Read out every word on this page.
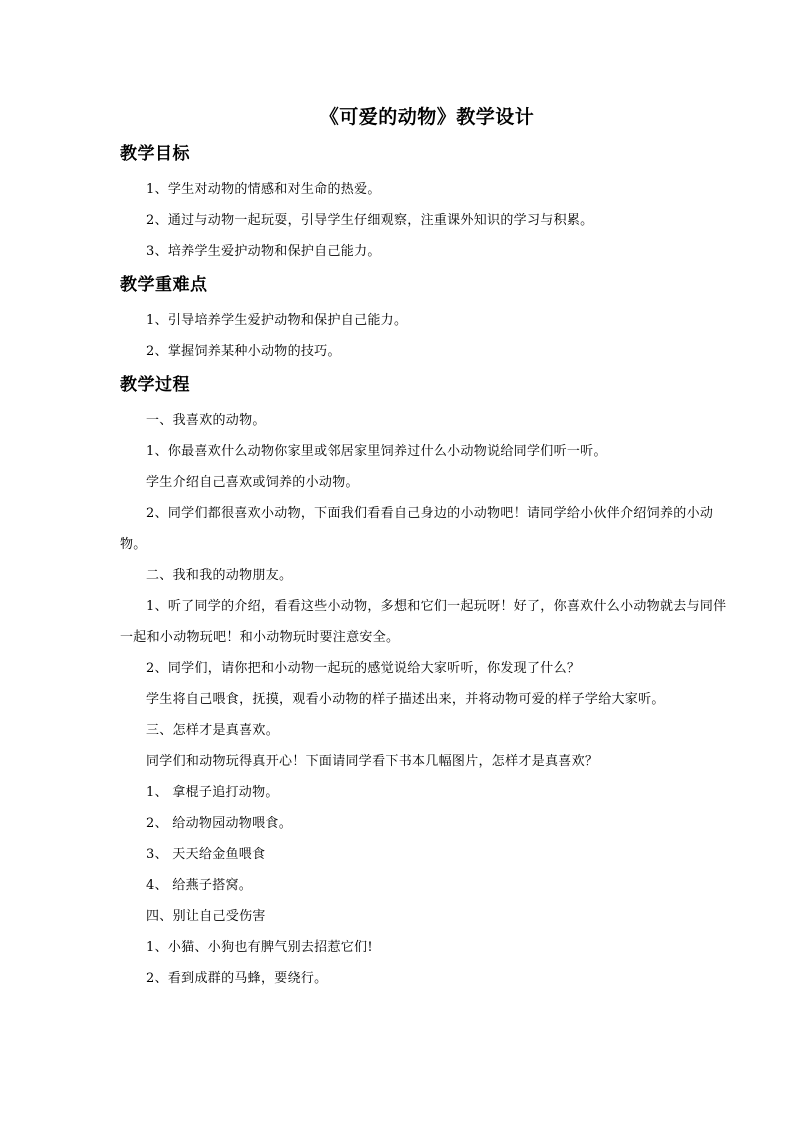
《可爱的动物》教学设计
教学目标

1、学生对动物的情感和对生命的热爱。

2、通过与动物一起玩耍，引导学生仔细观察，注重课外知识的学习与积累。

3、培养学生爱护动物和保护自己能力。

教学重难点

1、引导培养学生爱护动物和保护自己能力。

2、掌握饲养某种小动物的技巧。

教学过程

一、我喜欢的动物。

1、你最喜欢什么动物你家里或邻居家里饲养过什么小动物说给同学们听一听。

学生介绍自己喜欢或饲养的小动物。

2、同学们都很喜欢小动物，下面我们看看自己身边的小动物吧！请同学给小伙伴介绍饲养的小动物。

二、我和我的动物朋友。

1、听了同学的介绍，看看这些小动物，多想和它们一起玩呀！好了，你喜欢什么小动物就去与同伴一起和小动物玩吧！和小动物玩时要注意安全。

2、同学们，请你把和小动物一起玩的感觉说给大家听听，你发现了什么？

学生将自己喂食，抚摸，观看小动物的样子描述出来，并将动物可爱的样子学给大家听。

三、怎样才是真喜欢。

同学们和动物玩得真开心！下面请同学看下书本几幅图片，怎样才是真喜欢？

1、 拿棍子追打动物。

2、 给动物园动物喂食。

3、 天天给金鱼喂食

4、 给燕子搭窝。

四、别让自己受伤害

1、小猫、小狗也有脾气别去招惹它们!

2、看到成群的马蜂，要绕行。
